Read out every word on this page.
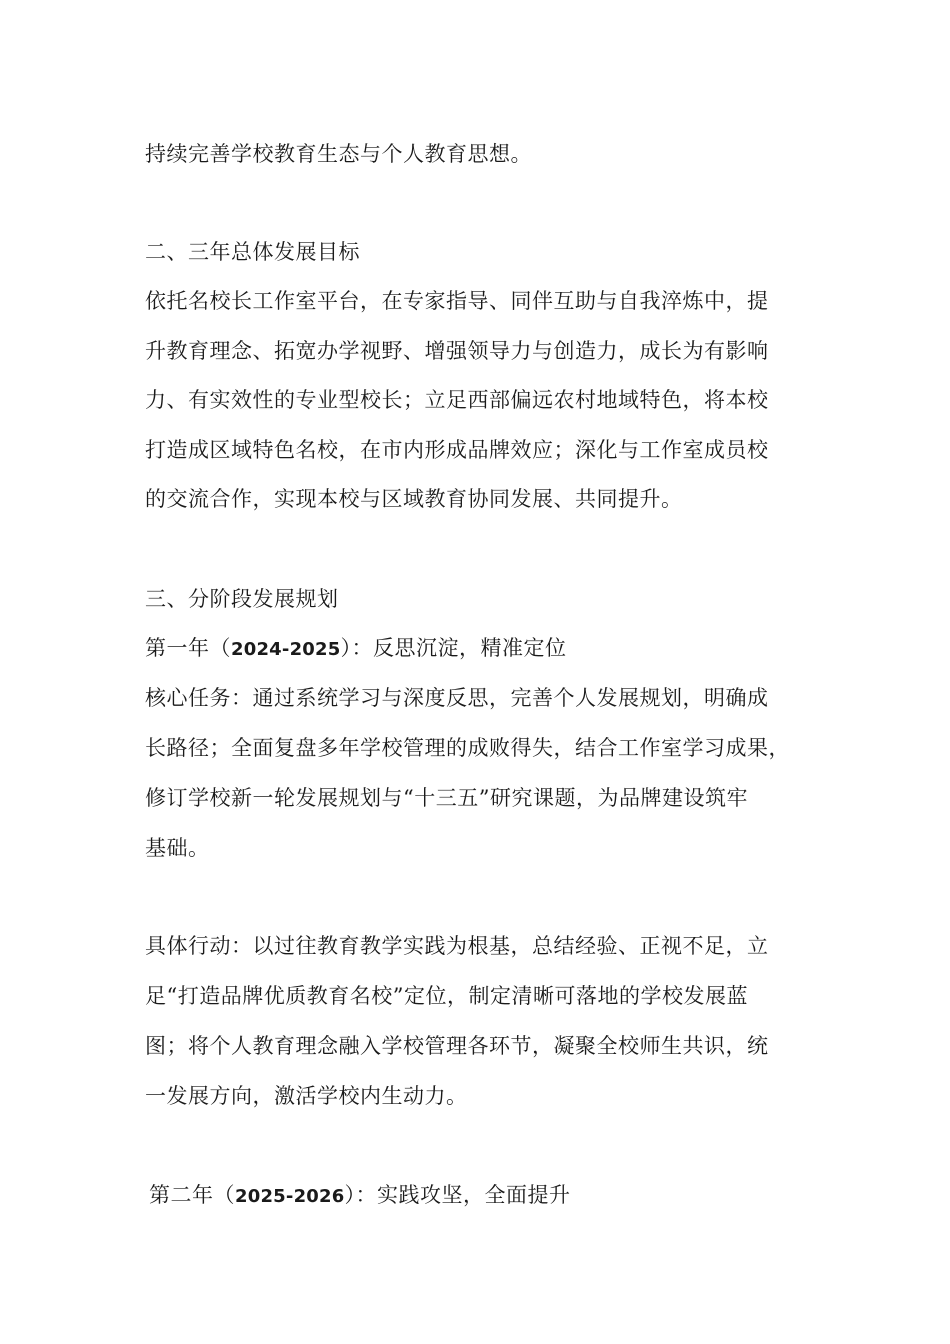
持续完善学校教育生态与个人教育思想。
二、三年总体发展目标
依托名校长工作室平台，在专家指导、同伴互助与自我淬炼中，提
升教育理念、拓宽办学视野、增强领导力与创造力，成长为有影响
力、有实效性的专业型校长；立足西部偏远农村地域特色，将本校
打造成区域特色名校，在市内形成品牌效应；深化与工作室成员校
的交流合作，实现本校与区域教育协同发展、共同提升。
三、分阶段发展规划
第一年（2024-2025）：反思沉淀，精准定位
核心任务：通过系统学习与深度反思，完善个人发展规划，明确成
长路径；全面复盘多年学校管理的成败得失，结合工作室学习成果，
修订学校新一轮发展规划与“十三五”研究课题，为品牌建设筑牢
基础。
具体行动：以过往教育教学实践为根基，总结经验、正视不足，立
足“打造品牌优质教育名校”定位，制定清晰可落地的学校发展蓝
图；将个人教育理念融入学校管理各环节，凝聚全校师生共识，统
一发展方向，激活学校内生动力。
第二年（2025-2026）：实践攻坚，全面提升
